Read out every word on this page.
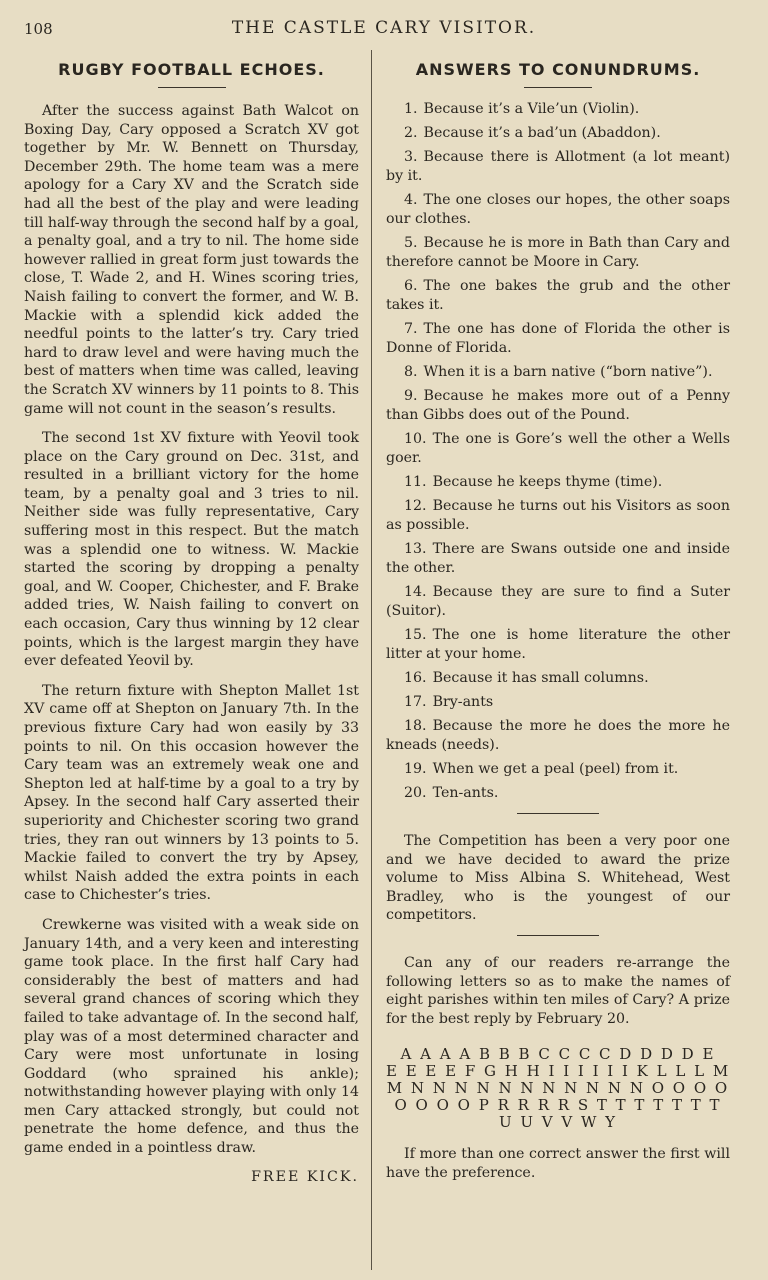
108	THE CASTLE CARY VISITOR.
RUGBY FOOTBALL ECHOES.

After the success against Bath Walcot on Boxing Day, Cary opposed a Scratch XV got together by Mr. W. Bennett on Thursday, December 29th. The home team was a mere apology for a Cary XV and the Scratch side had all the best of the play and were leading till half-way through the second half by a goal, a penalty goal, and a try to nil. The home side however rallied in great form just towards the close, T. Wade 2, and H. Wines scoring tries, Naish failing to convert the former, and W. B. Mackie with a splendid kick added the needful points to the latter’s try. Cary tried hard to draw level and were having much the best of matters when time was called, leaving the Scratch XV winners by 11 points to 8. This game will not count in the season’s results.

The second 1st XV fixture with Yeovil took place on the Cary ground on Dec. 31st, and resulted in a brilliant victory for the home team, by a penalty goal and 3 tries to nil. Neither side was fully representative, Cary suffering most in this respect. But the match was a splendid one to witness. W. Mackie started the scoring by dropping a penalty goal, and W. Cooper, Chichester, and F. Brake added tries, W. Naish failing to convert on each occasion, Cary thus winning by 12 clear points, which is the largest margin they have ever defeated Yeovil by.

The return fixture with Shepton Mallet 1st XV came off at Shepton on January 7th. In the previous fixture Cary had won easily by 33 points to nil. On this occasion however the Cary team was an extremely weak one and Shepton led at half-time by a goal to a try by Apsey. In the second half Cary asserted their superiority and Chichester scoring two grand tries, they ran out winners by 13 points to 5. Mackie failed to convert the try by Apsey, whilst Naish added the extra points in each case to Chichester’s tries.

Crewkerne was visited with a weak side on January 14th, and a very keen and interesting game took place. In the first half Cary had considerably the best of matters and had several grand chances of scoring which they failed to take advantage of. In the second half, play was of a most determined character and Cary were most unfortunate in losing Goddard (who sprained his ankle); notwithstanding however playing with only 14 men Cary attacked strongly, but could not penetrate the home defence, and thus the game ended in a pointless draw.

FREE KICK.
ANSWERS TO CONUNDRUMS.
1. Because it’s a Vile’un (Violin).
2. Because it’s a bad’un (Abaddon).
3. Because there is Allotment (a lot meant) by it.
4. The one closes our hopes, the other soaps our clothes.
5. Because he is more in Bath than Cary and therefore cannot be Moore in Cary.
6. The one bakes the grub and the other takes it.
7. The one has done of Florida the other is Donne of Florida.
8. When it is a barn native (“born native”).
9. Because he makes more out of a Penny than Gibbs does out of the Pound.
10. The one is Gore’s well the other a Wells goer.
11. Because he keeps thyme (time).
12. Because he turns out his Visitors as soon as possible.
13. There are Swans outside one and inside the other.
14. Because they are sure to find a Suter (Suitor).
15. The one is home literature the other litter at your home.
16. Because it has small columns.
17. Bry-ants
18. Because the more he does the more he kneads (needs).
19. When we get a peal (peel) from it.
20. Ten-ants.

The Competition has been a very poor one and we have decided to award the prize volume to Miss Albina S. Whitehead, West Bradley, who is the youngest of our competitors.

Can any of our readers re-arrange the following letters so as to make the names of eight parishes within ten miles of Cary? A prize for the best reply by February 20.

A A A A B B B C C C C D D D D E
E E E E F G H H I I I I I I K L L L M
M N N N N N N N N N N N O O O O
O O O O P R R R R S T T T T T T T
U U V V W Y

If more than one correct answer the first will have the preference.
